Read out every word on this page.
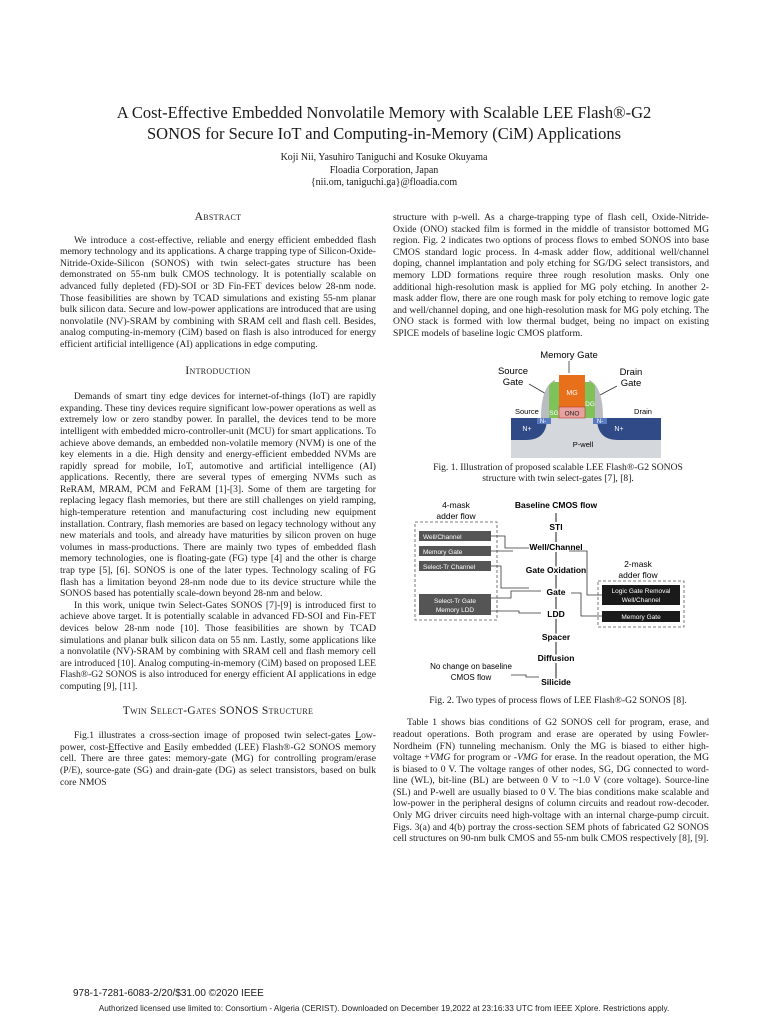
A Cost-Effective Embedded Nonvolatile Memory with Scalable LEE Flash®-G2
SONOS for Secure IoT and Computing-in-Memory (CiM) Applications
Koji Nii, Yasuhiro Taniguchi and Kosuke Okuyama
Floadia Corporation, Japan
{nii.om, taniguchi.ga}@floadia.com
Abstract

We introduce a cost-effective, reliable and energy efficient embedded flash memory technology and its applications. A charge trapping type of Silicon-Oxide-Nitride-Oxide-Silicon (SONOS) with twin select-gates structure has been demonstrated on 55-nm bulk CMOS technology. It is potentially scalable on advanced fully depleted (FD)-SOI or 3D Fin-FET devices below 28-nm node. Those feasibilities are shown by TCAD simulations and existing 55-nm planar bulk silicon data. Secure and low-power applications are introduced that are using nonvolatile (NV)-SRAM by combining with SRAM cell and flash cell. Besides, analog computing-in-memory (CiM) based on flash is also introduced for energy efficient artificial intelligence (AI) applications in edge computing.

Introduction

Demands of smart tiny edge devices for internet-of-things (IoT) are rapidly expanding. These tiny devices require significant low-power operations as well as extremely low or zero standby power. In parallel, the devices tend to be more intelligent with embedded micro-controller-unit (MCU) for smart applications. To achieve above demands, an embedded non-volatile memory (NVM) is one of the key elements in a die. High density and energy-efficient embedded NVMs are rapidly spread for mobile, IoT, automotive and artificial intelligence (AI) applications. Recently, there are several types of emerging NVMs such as ReRAM, MRAM, PCM and FeRAM [1]-[3]. Some of them are targeting for replacing legacy flash memories, but there are still challenges on yield ramping, high-temperature retention and manufacturing cost including new equipment installation. Contrary, flash memories are based on legacy technology without any new materials and tools, and already have maturities by silicon proven on huge volumes in mass-productions. There are mainly two types of embedded flash memory technologies, one is floating-gate (FG) type [4] and the other is charge trap type [5], [6]. SONOS is one of the later types. Technology scaling of FG flash has a limitation beyond 28-nm node due to its device structure while the SONOS based has potentially scale-down beyond 28-nm and below.

In this work, unique twin Select-Gates SONOS [7]-[9] is introduced first to achieve above target. It is potentially scalable in advanced FD-SOI and Fin-FET devices below 28-nm node [10]. Those feasibilities are shown by TCAD simulations and planar bulk silicon data on 55 nm. Lastly, some applications like a nonvolatile (NV)-SRAM by combining with SRAM cell and flash memory cell are introduced [10]. Analog computing-in-memory (CiM) based on proposed LEE Flash®-G2 SONOS is also introduced for energy efficient AI applications in edge computing [9], [11].

Twin Select-Gates SONOS Structure

Fig.1 illustrates a cross-section image of proposed twin select-gates Low-power, cost-Effective and Easily embedded (LEE) Flash®-G2 SONOS memory cell. There are three gates: memory-gate (MG) for controlling program/erase (P/E), source-gate (SG) and drain-gate (DG) as select transistors, based on bulk core NMOS

structure with p-well. As a charge-trapping type of flash cell, Oxide-Nitride-Oxide (ONO) stacked film is formed in the middle of transistor bottomed MG region. Fig. 2 indicates two options of process flows to embed SONOS into base CMOS standard logic process. In 4-mask adder flow, additional well/channel doping, channel implantation and poly etching for SG/DG select transistors, and memory LDD formations require three rough resolution masks. Only one additional high-resolution mask is applied for MG poly etching. In another 2-mask adder flow, there are one rough mask for poly etching to remove logic gate and well/channel doping, and one high-resolution mask for MG poly etching. The ONO stack is formed with low thermal budget, being no impact on existing SPICE models of baseline logic CMOS platform.

Memory Gate
Source
Gate
Drain
Gate
MG
SG ONO
DG
Source	Drain
N+
N-	N-
N+
P-well

Fig. 1. Illustration of proposed scalable LEE Flash®-G2 SONOS

structure with twin select-gates [7], [8].

4-mask
adder flow
Baseline CMOS flow
2-mask
adder flow
STI
Well/Channel
Gate Oxidation
Gate
LDD
Spacer
Diffusion
Silicide
Well/Channel
Memory Gate
Select-Tr Channel
Select-Tr Gate
Memory LDD
Logic Gate Removal
Well/Channel
Memory Gate
No change on baseline
CMOS flow

Fig. 2. Two types of process flows of LEE Flash®-G2 SONOS [8].

Table 1 shows bias conditions of G2 SONOS cell for program, erase, and readout operations. Both program and erase are operated by using Fowler-Nordheim (FN) tunneling mechanism. Only the MG is biased to either high-voltage +VMG for program or -VMG for erase. In the readout operation, the MG is biased to 0 V. The voltage ranges of other nodes, SG, DG connected to word-line (WL), bit-line (BL) are between 0 V to ~1.0 V (core voltage). Source-line (SL) and P-well are usually biased to 0 V. The bias conditions make scalable and low-power in the peripheral designs of column circuits and readout row-decoder. Only MG driver circuits need high-voltage with an internal charge-pump circuit. Figs. 3(a) and 4(b) portray the cross-section SEM phots of fabricated G2 SONOS cell structures on 90-nm bulk CMOS and 55-nm bulk CMOS respectively [8], [9].

978-1-7281-6083-2/20/$31.00 ©2020 IEEE
Authorized licensed use limited to: Consortium - Algeria (CERIST). Downloaded on December 19,2022 at 23:16:33 UTC from IEEE Xplore. Restrictions apply.
